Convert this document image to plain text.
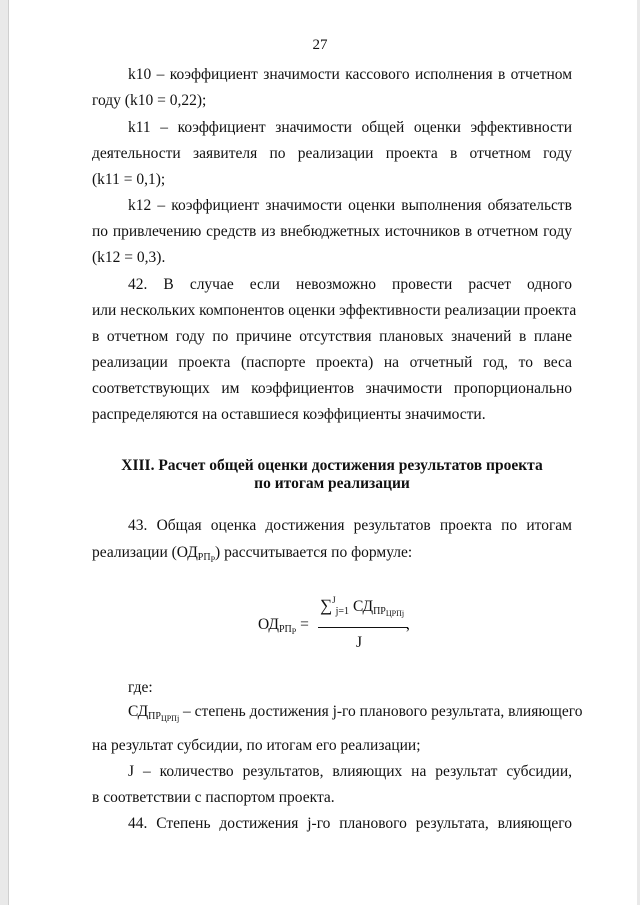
27
k10 – коэффициент значимости кассового исполнения в отчетном
году (k10 = 0,22);
k11 – коэффициент значимости общей оценки эффективности
деятельности заявителя по реализации проекта в отчетном году
(k11 = 0,1);
k12 – коэффициент значимости оценки выполнения обязательств
по привлечению средств из внебюджетных источников в отчетном году
(k12 = 0,3).
42. В случае если невозможно провести расчет одного
или нескольких компонентов оценки эффективности реализации проекта
в отчетном году по причине отсутствия плановых значений в плане
реализации проекта (паспорте проекта) на отчетный год, то веса
соответствующих им коэффициентов значимости пропорционально
распределяются на оставшиеся коэффициенты значимости.
XIII. Расчет общей оценки достижения результатов проекта
по итогам реализации
43. Общая оценка достижения результатов проекта по итогам
реализации $(ОД_{РПР})$ рассчитывается по формуле:
$ОД_{РПР}$ =
∑$^J_{j=1}$ $СД_{ПРЦРПj}$
J
,
где:
$СД_{ПРЦРПj}$ – степень достижения j-го планового результата, влияющего
на результат субсидии, по итогам его реализации;
J – количество результатов, влияющих на результат субсидии,
в соответствии с паспортом проекта.
44. Степень достижения j-го планового результата, влияющего
